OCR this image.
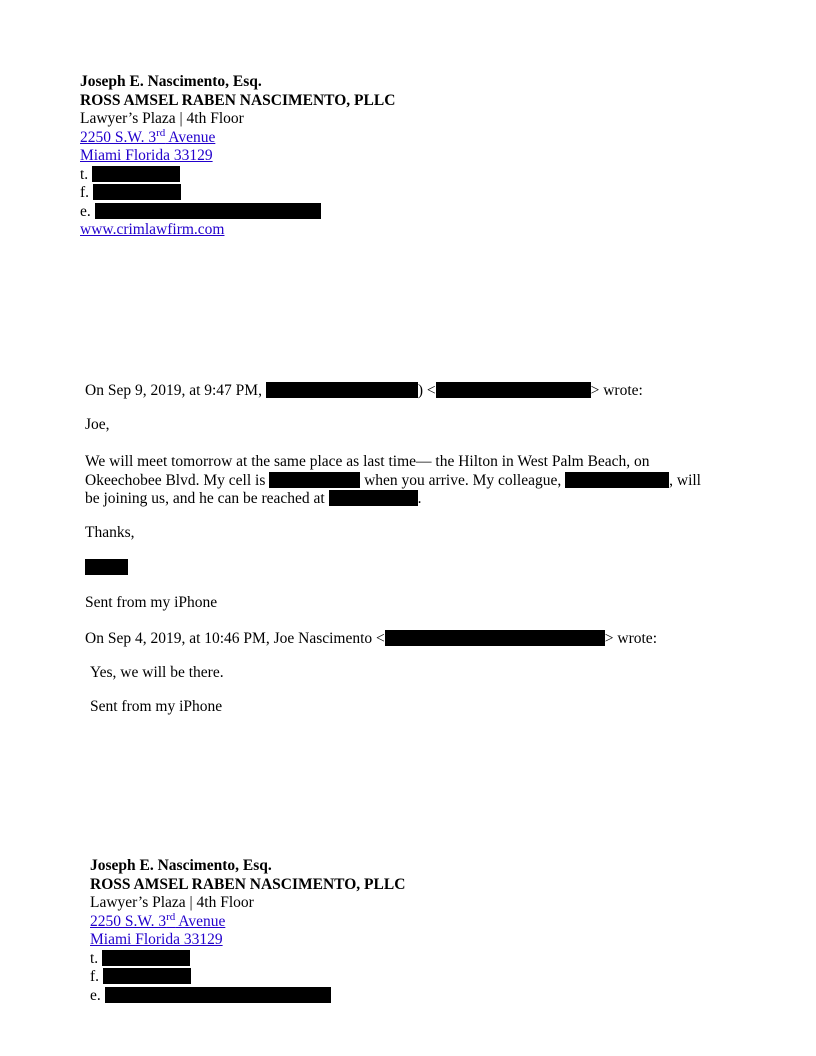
Joseph E. Nascimento, Esq.
ROSS AMSEL RABEN NASCIMENTO, PLLC
Lawyer’s Plaza | 4th Floor
2250 S.W. 3rd Avenue
Miami Florida 33129
t.
f.
e.
www.crimlawfirm.com
On Sep 9, 2019, at 9:47 PM,	) <	> wrote:
Joe,
We will meet tomorrow at the same place as last time— the Hilton in West Palm Beach, on
Okeechobee Blvd. My cell is	when you arrive. My colleague,	, will
be joining us, and he can be reached at	.
Thanks,
Sent from my iPhone
On Sep 4, 2019, at 10:46 PM, Joe Nascimento <	> wrote:
Yes, we will be there.
Sent from my iPhone
Joseph E. Nascimento, Esq.
ROSS AMSEL RABEN NASCIMENTO, PLLC
Lawyer’s Plaza | 4th Floor
2250 S.W. 3rd Avenue
Miami Florida 33129
t.
f.
e.
